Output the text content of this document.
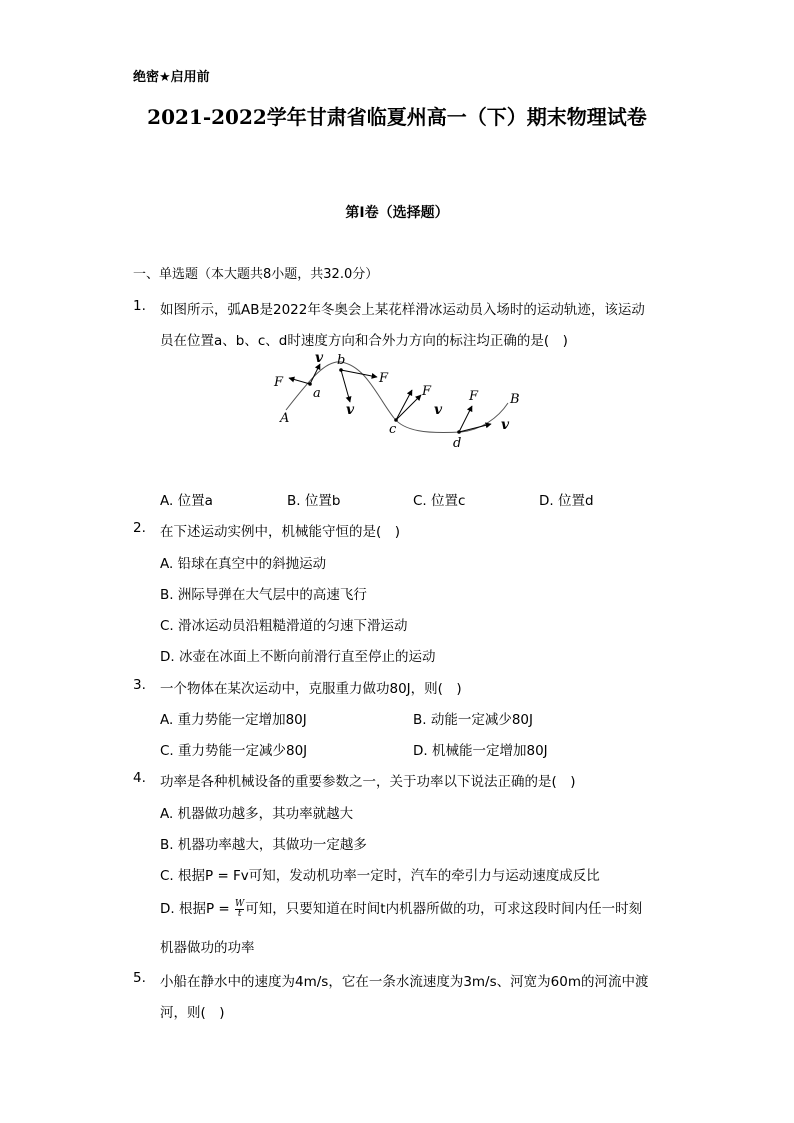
绝密★启用前
2021-2022学年甘肃省临夏州高一（下）期末物理试卷
第I卷（选择题）
一、单选题（本大题共8小题，共32.0分）
1. 如图所示，弧AB是2022年冬奥会上某花样滑冰运动员入场时的运动轨迹，该运动
员在位置a、b、c、d时速度方向和合外力方向的标注均正确的是(　)
A
B
a
b
c
d
F	F
F	F
v
v	v
v
A. 位置a	B. 位置b	C. 位置c	D. 位置d
2. 在下述运动实例中，机械能守恒的是(　)
A. 铅球在真空中的斜抛运动
B. 洲际导弹在大气层中的高速飞行
C. 滑冰运动员沿粗糙滑道的匀速下滑运动
D. 冰壶在冰面上不断向前滑行直至停止的运动
3. 一个物体在某次运动中，克服重力做功80J，则(　)
A. 重力势能一定增加80J	B. 动能一定减少80J
C. 重力势能一定减少80J	D. 机械能一定增加80J
4. 功率是各种机械设备的重要参数之一，关于功率以下说法正确的是(　)
A. 机器做功越多，其功率就越大
B. 机器功率越大，其做功一定越多
C. 根据P = Fv可知，发动机功率一定时，汽车的牵引力与运动速度成反比
D. 根据$P = \frac{W}{t}$ 可知，只要知道在时间t内机器所做的功，可求这段时间内任一时刻
机器做功的功率
5. 小船在静水中的速度为4m/s，它在一条水流速度为3m/s、河宽为60m的河流中渡
河，则(　)
